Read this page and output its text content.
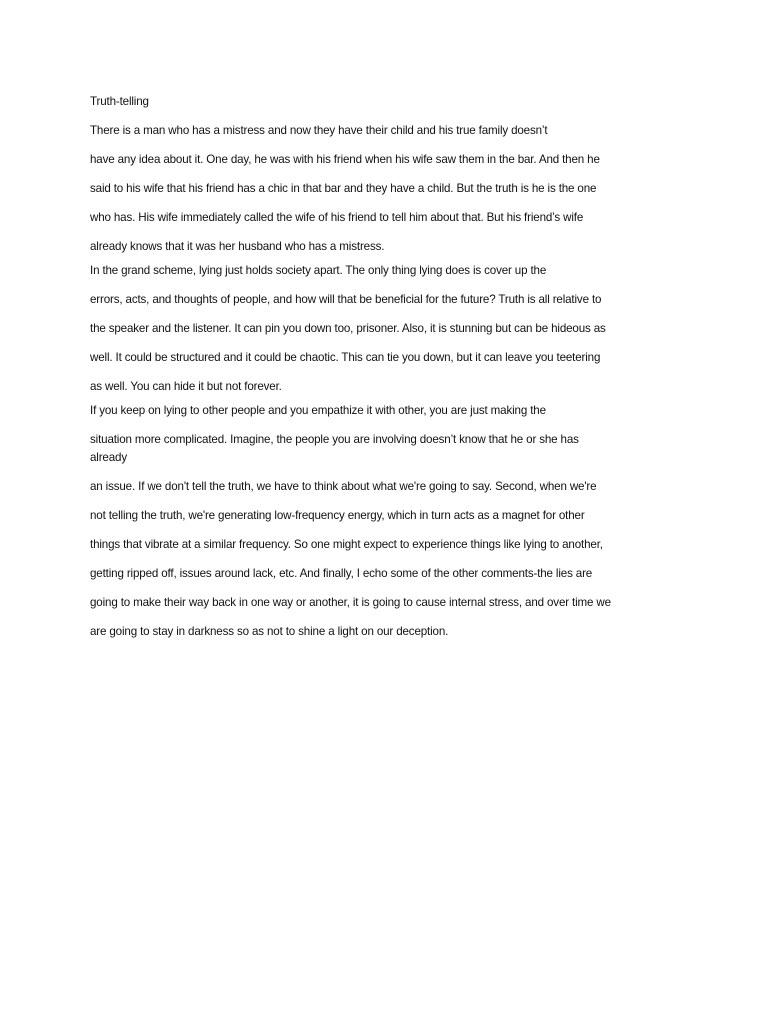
Truth-telling
There is a man who has a mistress and now they have their child and his true family doesn’t
have any idea about it. One day, he was with his friend when his wife saw them in the bar. And then he
said to his wife that his friend has a chic in that bar and they have a child. But the truth is he is the one
who has. His wife immediately called the wife of his friend to tell him about that. But his friend’s wife
already knows that it was her husband who has a mistress.
In the grand scheme, lying just holds society apart. The only thing lying does is cover up the
errors, acts, and thoughts of people, and how will that be beneficial for the future? Truth is all relative to
the speaker and the listener. It can pin you down too, prisoner. Also, it is stunning but can be hideous as
well. It could be structured and it could be chaotic. This can tie you down, but it can leave you teetering
as well. You can hide it but not forever.
If you keep on lying to other people and you empathize it with other, you are just making the
situation more complicated. Imagine, the people you are involving doesn’t know that he or she has
already
an issue. If we don't tell the truth, we have to think about what we're going to say. Second, when we're
not telling the truth, we're generating low-frequency energy, which in turn acts as a magnet for other
things that vibrate at a similar frequency. So one might expect to experience things like lying to another,
getting ripped off, issues around lack, etc. And finally, I echo some of the other comments-the lies are
going to make their way back in one way or another, it is going to cause internal stress, and over time we
are going to stay in darkness so as not to shine a light on our deception.
